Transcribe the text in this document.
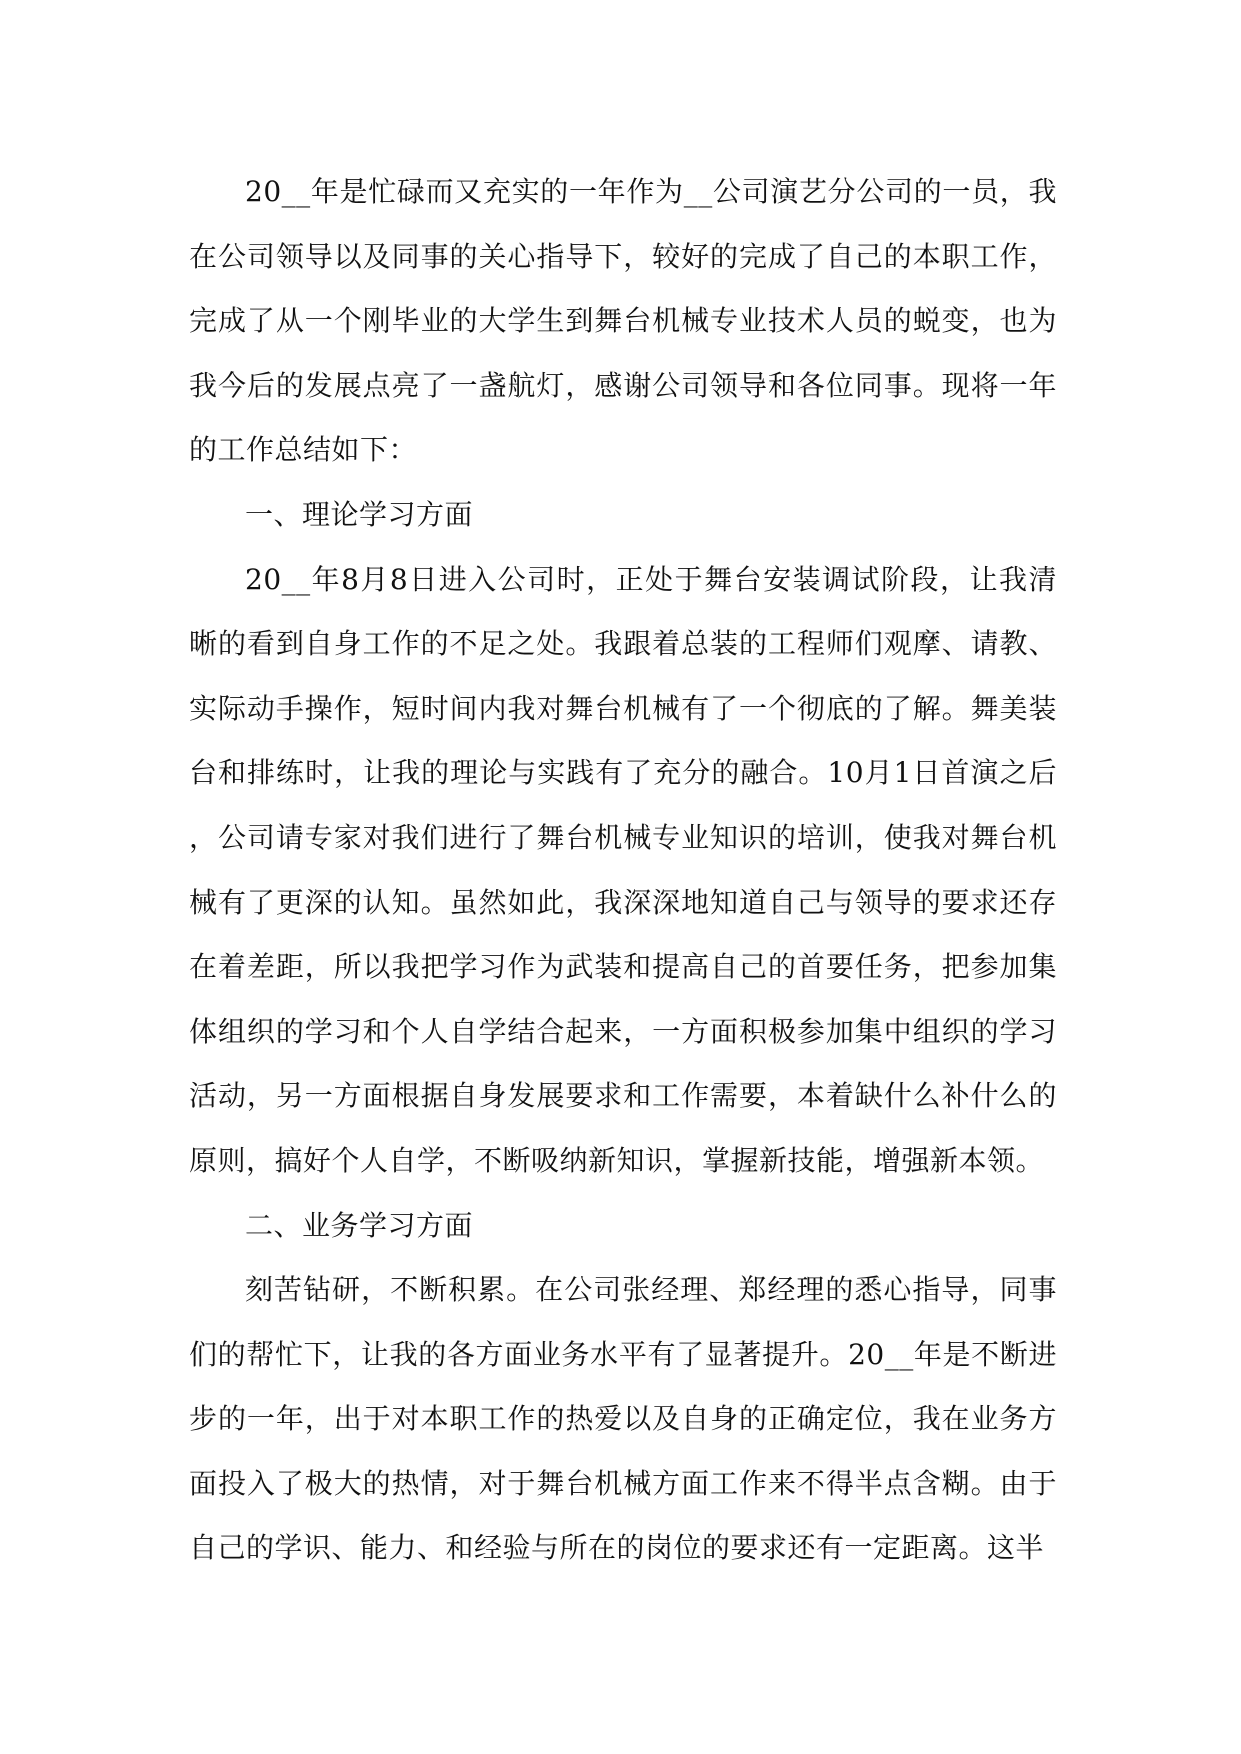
20__年是忙碌而又充实的一年作为__公司演艺分公司的一员，我在公司领导以及同事的关心指导下，较好的完成了自己的本职工作，完成了从一个刚毕业的大学生到舞台机械专业技术人员的蜕变，也为我今后的发展点亮了一盏航灯，感谢公司领导和各位同事。现将一年的工作总结如下：

一、理论学习方面

20__年8月8日进入公司时，正处于舞台安装调试阶段，让我清晰的看到自身工作的不足之处。我跟着总装的工程师们观摩、请教、实际动手操作，短时间内我对舞台机械有了一个彻底的了解。舞美装台和排练时，让我的理论与实践有了充分的融合。10月1日首演之后，公司请专家对我们进行了舞台机械专业知识的培训，使我对舞台机械有了更深的认知。虽然如此，我深深地知道自己与领导的要求还存在着差距，所以我把学习作为武装和提高自己的首要任务，把参加集体组织的学习和个人自学结合起来，一方面积极参加集中组织的学习活动，另一方面根据自身发展要求和工作需要，本着缺什么补什么的原则，搞好个人自学，不断吸纳新知识，掌握新技能，增强新本领。

二、业务学习方面

刻苦钻研，不断积累。在公司张经理、郑经理的悉心指导，同事们的帮忙下，让我的各方面业务水平有了显著提升。20__年是不断进步的一年，出于对本职工作的热爱以及自身的正确定位，我在业务方面投入了极大的热情，对于舞台机械方面工作来不得半点含糊。由于自己的学识、能力、和经验与所在的岗位的要求还有一定距离。这半
